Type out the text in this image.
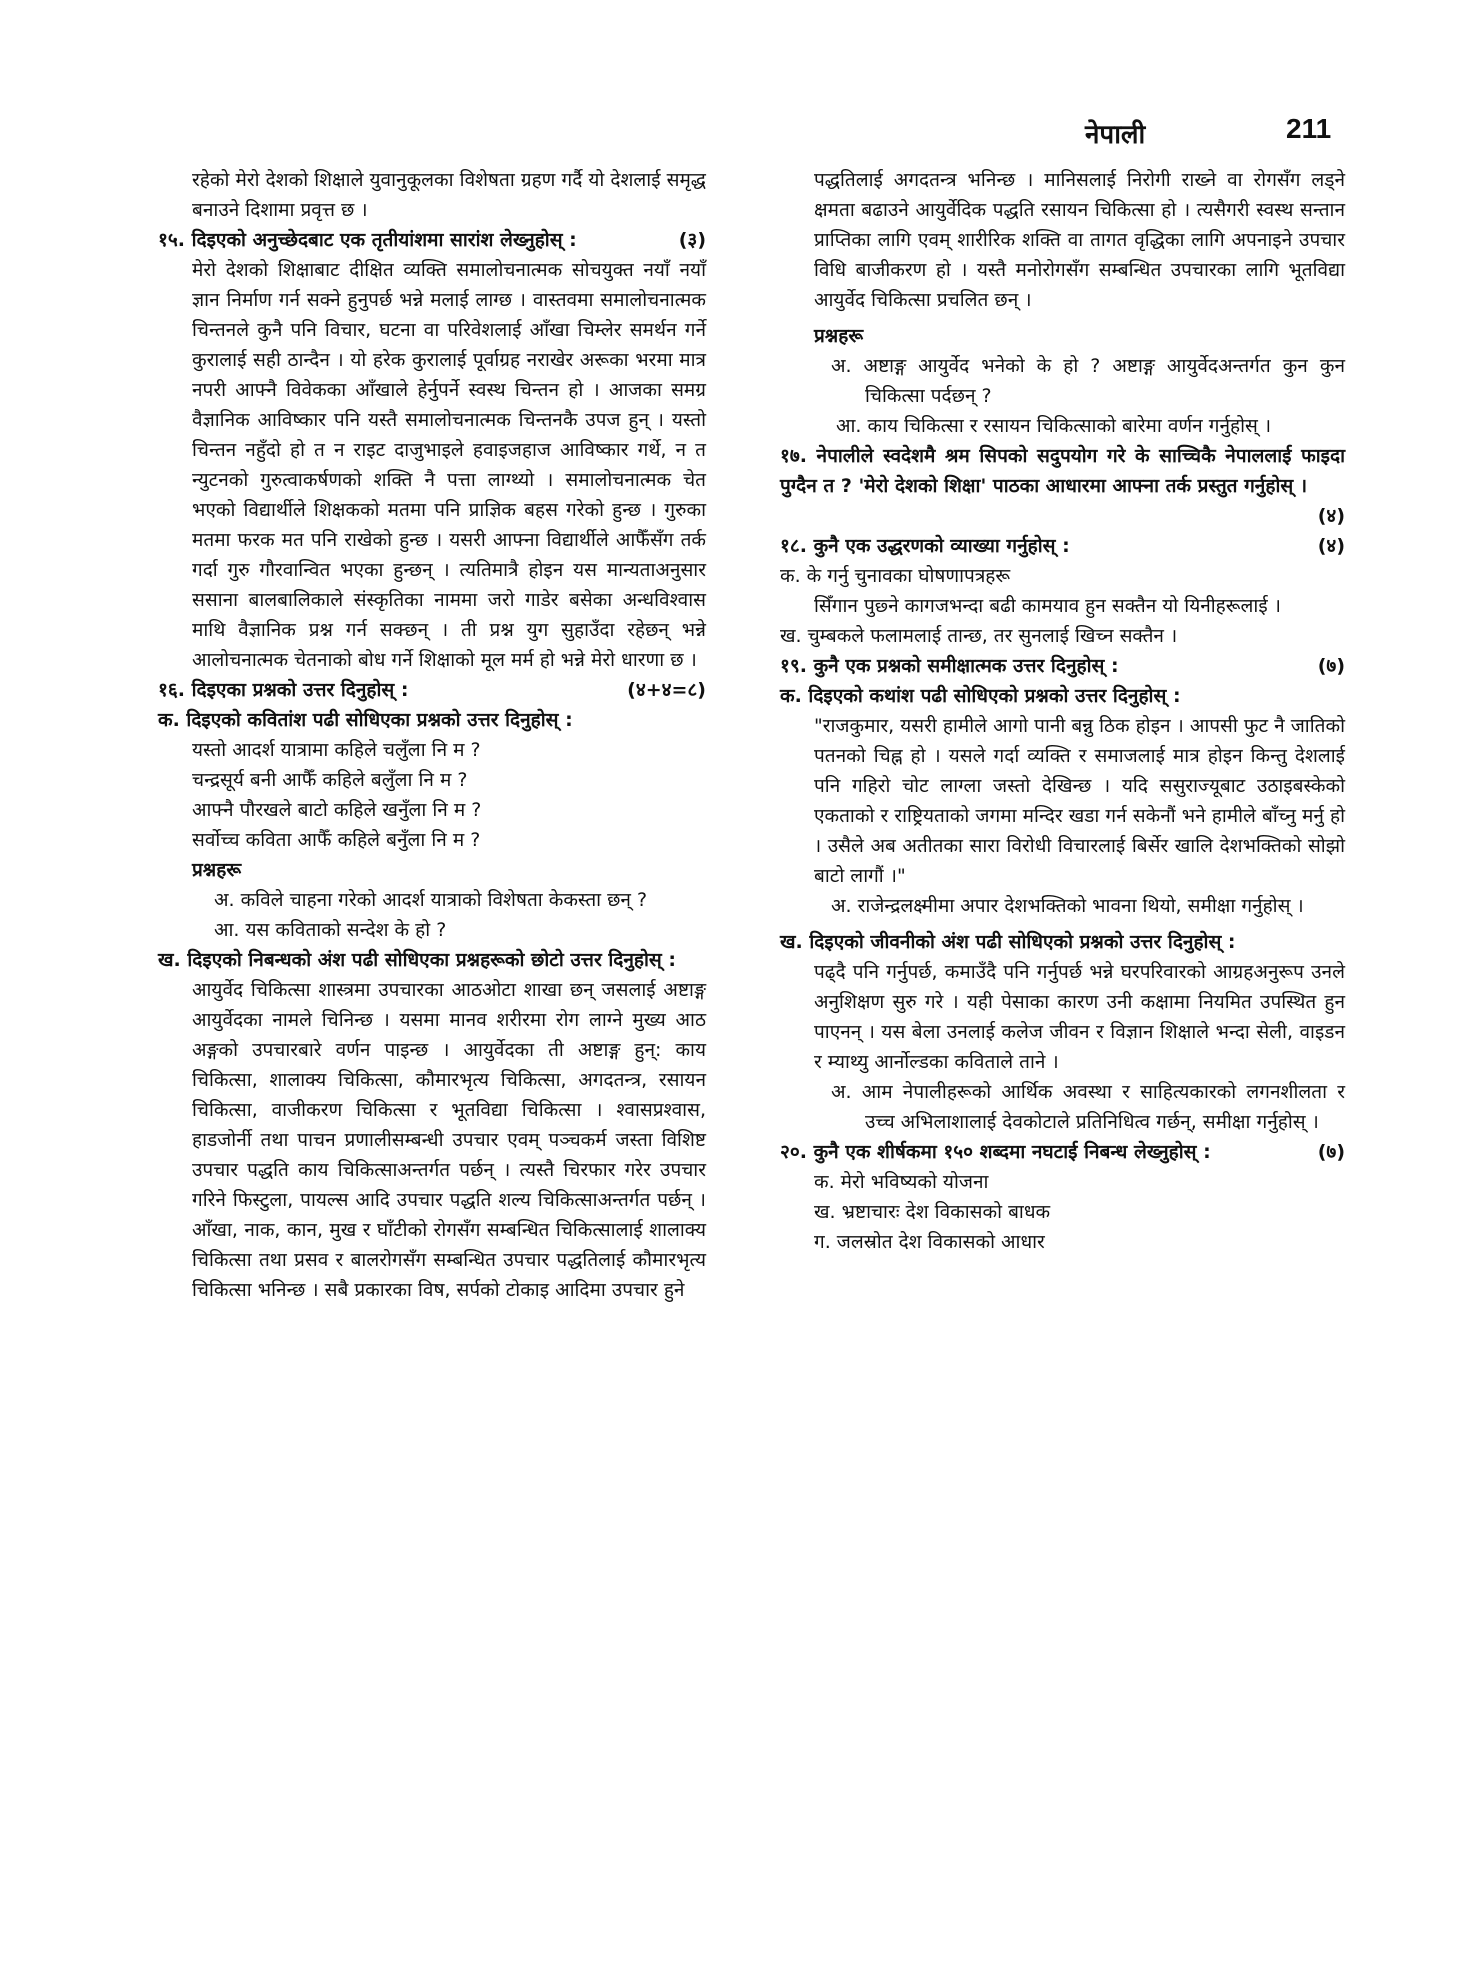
नेपाली	211

रहेको मेरो देशको शिक्षाले युवानुकूलका विशेषता ग्रहण गर्दै यो देशलाई समृद्ध बनाउने दिशामा प्रवृत्त छ ।

१५. दिइएको अनुच्छेदबाट एक तृतीयांशमा सारांश लेख्नुहोस् :	(३)

मेरो देशको शिक्षाबाट दीक्षित व्यक्ति समालोचनात्मक सोचयुक्त नयाँ नयाँ ज्ञान निर्माण गर्न सक्ने हुनुपर्छ भन्ने मलाई लाग्छ । वास्तवमा समालोचनात्मक चिन्तनले कुनै पनि विचार, घटना वा परिवेशलाई आँखा चिम्लेर समर्थन गर्ने कुरालाई सही ठान्दैन । यो हरेक कुरालाई पूर्वाग्रह नराखेर अरूका भरमा मात्र नपरी आफ्नै विवेकका आँखाले हेर्नुपर्ने स्वस्थ चिन्तन हो । आजका समग्र वैज्ञानिक आविष्कार पनि यस्तै समालोचनात्मक चिन्तनकै उपज हुन् । यस्तो चिन्तन नहुँदो हो त न राइट दाजुभाइले हवाइजहाज आविष्कार गर्थे, न त न्युटनको गुरुत्वाकर्षणको शक्ति नै पत्ता लाग्थ्यो । समालोचनात्मक चेत भएको विद्यार्थीले शिक्षकको मतमा पनि प्राज्ञिक बहस गरेको हुन्छ । गुरुका मतमा फरक मत पनि राखेको हुन्छ । यसरी आफ्ना विद्यार्थीले आफैँसँग तर्क गर्दा गुरु गौरवान्वित भएका हुन्छन् । त्यतिमात्रै होइन यस मान्यताअनुसार ससाना बालबालिकाले संस्कृतिका नाममा जरो गाडेर बसेका अन्धविश्वास माथि वैज्ञानिक प्रश्न गर्न सक्छन् । ती प्रश्न युग सुहाउँदा रहेछन् भन्ने आलोचनात्मक चेतनाको बोध गर्ने शिक्षाको मूल मर्म हो भन्ने मेरो धारणा छ ।

१६. दिइएका प्रश्नको उत्तर दिनुहोस् :	(४+४=८)

क. दिइएको कवितांश पढी सोधिएका प्रश्नको उत्तर दिनुहोस् :

यस्तो आदर्श यात्रामा कहिले चलुँला नि म ?

चन्द्रसूर्य बनी आफैँ कहिले बलुँला नि म ?

आफ्नै पौरखले बाटो कहिले खनुँला नि म ?

सर्वोच्च कविता आफैँ कहिले बनुँला नि म ?

प्रश्नहरू

अ. कविले चाहना गरेको आदर्श यात्राको विशेषता केकस्ता छन् ?

आ. यस कविताको सन्देश के हो ?

ख. दिइएको निबन्धको अंश पढी सोधिएका प्रश्नहरूको छोटो उत्तर दिनुहोस् :

आयुर्वेद चिकित्सा शास्त्रमा उपचारका आठओटा शाखा छन् जसलाई अष्टाङ्ग आयुर्वेदका नामले चिनिन्छ । यसमा मानव शरीरमा रोग लाग्ने मुख्य आठ अङ्गको उपचारबारे वर्णन पाइन्छ । आयुर्वेदका ती अष्टाङ्ग हुन्: काय चिकित्सा, शालाक्य चिकित्सा, कौमारभृत्य चिकित्सा, अगदतन्त्र, रसायन चिकित्सा, वाजीकरण चिकित्सा र भूतविद्या चिकित्सा । श्वासप्रश्वास, हाडजोर्नी तथा पाचन प्रणालीसम्बन्धी उपचार एवम् पञ्चकर्म जस्ता विशिष्ट उपचार पद्धति काय चिकित्साअन्तर्गत पर्छन् । त्यस्तै चिरफार गरेर उपचार गरिने फिस्टुला, पायल्स आदि उपचार पद्धति शल्य चिकित्साअन्तर्गत पर्छन् । आँखा, नाक, कान, मुख र घाँटीको रोगसँग सम्बन्धित चिकित्सालाई शालाक्य चिकित्सा तथा प्रसव र बालरोगसँग सम्बन्धित उपचार पद्धतिलाई कौमारभृत्य चिकित्सा भनिन्छ । सबै प्रकारका विष, सर्पको टोकाइ आदिमा उपचार हुने

पद्धतिलाई अगदतन्त्र भनिन्छ । मानिसलाई निरोगी राख्ने वा रोगसँग लड्ने क्षमता बढाउने आयुर्वेदिक पद्धति रसायन चिकित्सा हो । त्यसैगरी स्वस्थ सन्तान प्राप्तिका लागि एवम् शारीरिक शक्ति वा तागत वृद्धिका लागि अपनाइने उपचार विधि बाजीकरण हो । यस्तै मनोरोगसँग सम्बन्धित उपचारका लागि भूतविद्या आयुर्वेद चिकित्सा प्रचलित छन् ।

प्रश्नहरू

अ. अष्टाङ्ग आयुर्वेद भनेको के हो ? अष्टाङ्ग आयुर्वेदअन्तर्गत कुन कुन चिकित्सा पर्दछन् ?

आ. काय चिकित्सा र रसायन चिकित्साको बारेमा वर्णन गर्नुहोस् ।

१७. नेपालीले स्वदेशमै श्रम सिपको सदुपयोग गरे के साच्चिकै नेपाललाई फाइदा पुग्दैन त ? 'मेरो देशको शिक्षा' पाठका आधारमा आफ्ना तर्क प्रस्तुत गर्नुहोस् ।

(४)
१८. कुनै एक उद्धरणको व्याख्या गर्नुहोस् :	(४)

क. के गर्नु चुनावका घोषणापत्रहरू

सिँगान पुछ्ने कागजभन्दा बढी कामयाव हुन सक्तैन यो यिनीहरूलाई ।

ख. चुम्बकले फलामलाई तान्छ, तर सुनलाई खिच्न सक्तैन ।

१९. कुनै एक प्रश्नको समीक्षात्मक उत्तर दिनुहोस् :	(७)

क. दिइएको कथांश पढी सोधिएको प्रश्नको उत्तर दिनुहोस् :

"राजकुमार, यसरी हामीले आगो पानी बन्नु ठिक होइन । आपसी फुट नै जातिको पतनको चिह्न हो । यसले गर्दा व्यक्ति र समाजलाई मात्र होइन किन्तु देशलाई पनि गहिरो चोट लाग्ला जस्तो देखिन्छ । यदि ससुराज्यूबाट उठाइबस्केको एकताको र राष्ट्रियताको जगमा मन्दिर खडा गर्न सकेनौं भने हामीले बाँच्नु मर्नु हो । उसैले अब अतीतका सारा विरोधी विचारलाई बिर्सेर खालि देशभक्तिको सोझो बाटो लागौं ।"

अ. राजेन्द्रलक्ष्मीमा अपार देशभक्तिको भावना थियो, समीक्षा गर्नुहोस् ।

ख. दिइएको जीवनीको अंश पढी सोधिएको प्रश्नको उत्तर दिनुहोस् :

पढ्दै पनि गर्नुपर्छ, कमाउँदै पनि गर्नुपर्छ भन्ने घरपरिवारको आग्रहअनुरूप उनले अनुशिक्षण सुरु गरे । यही पेसाका कारण उनी कक्षामा नियमित उपस्थित हुन पाएनन् । यस बेला उनलाई कलेज जीवन र विज्ञान शिक्षाले भन्दा सेली, वाइडन र म्याथ्यु आर्नोल्डका कविताले ताने ।

अ. आम नेपालीहरूको आर्थिक अवस्था र साहित्यकारको लगनशीलता र उच्च अभिलाशालाई देवकोटाले प्रतिनिधित्व गर्छन्, समीक्षा गर्नुहोस् ।

२०. कुनै एक शीर्षकमा १५० शब्दमा नघटाई निबन्ध लेख्नुहोस् :	(७)

क. मेरो भविष्यको योजना

ख. भ्रष्टाचारः देश विकासको बाधक

ग. जलस्रोत देश विकासको आधार
